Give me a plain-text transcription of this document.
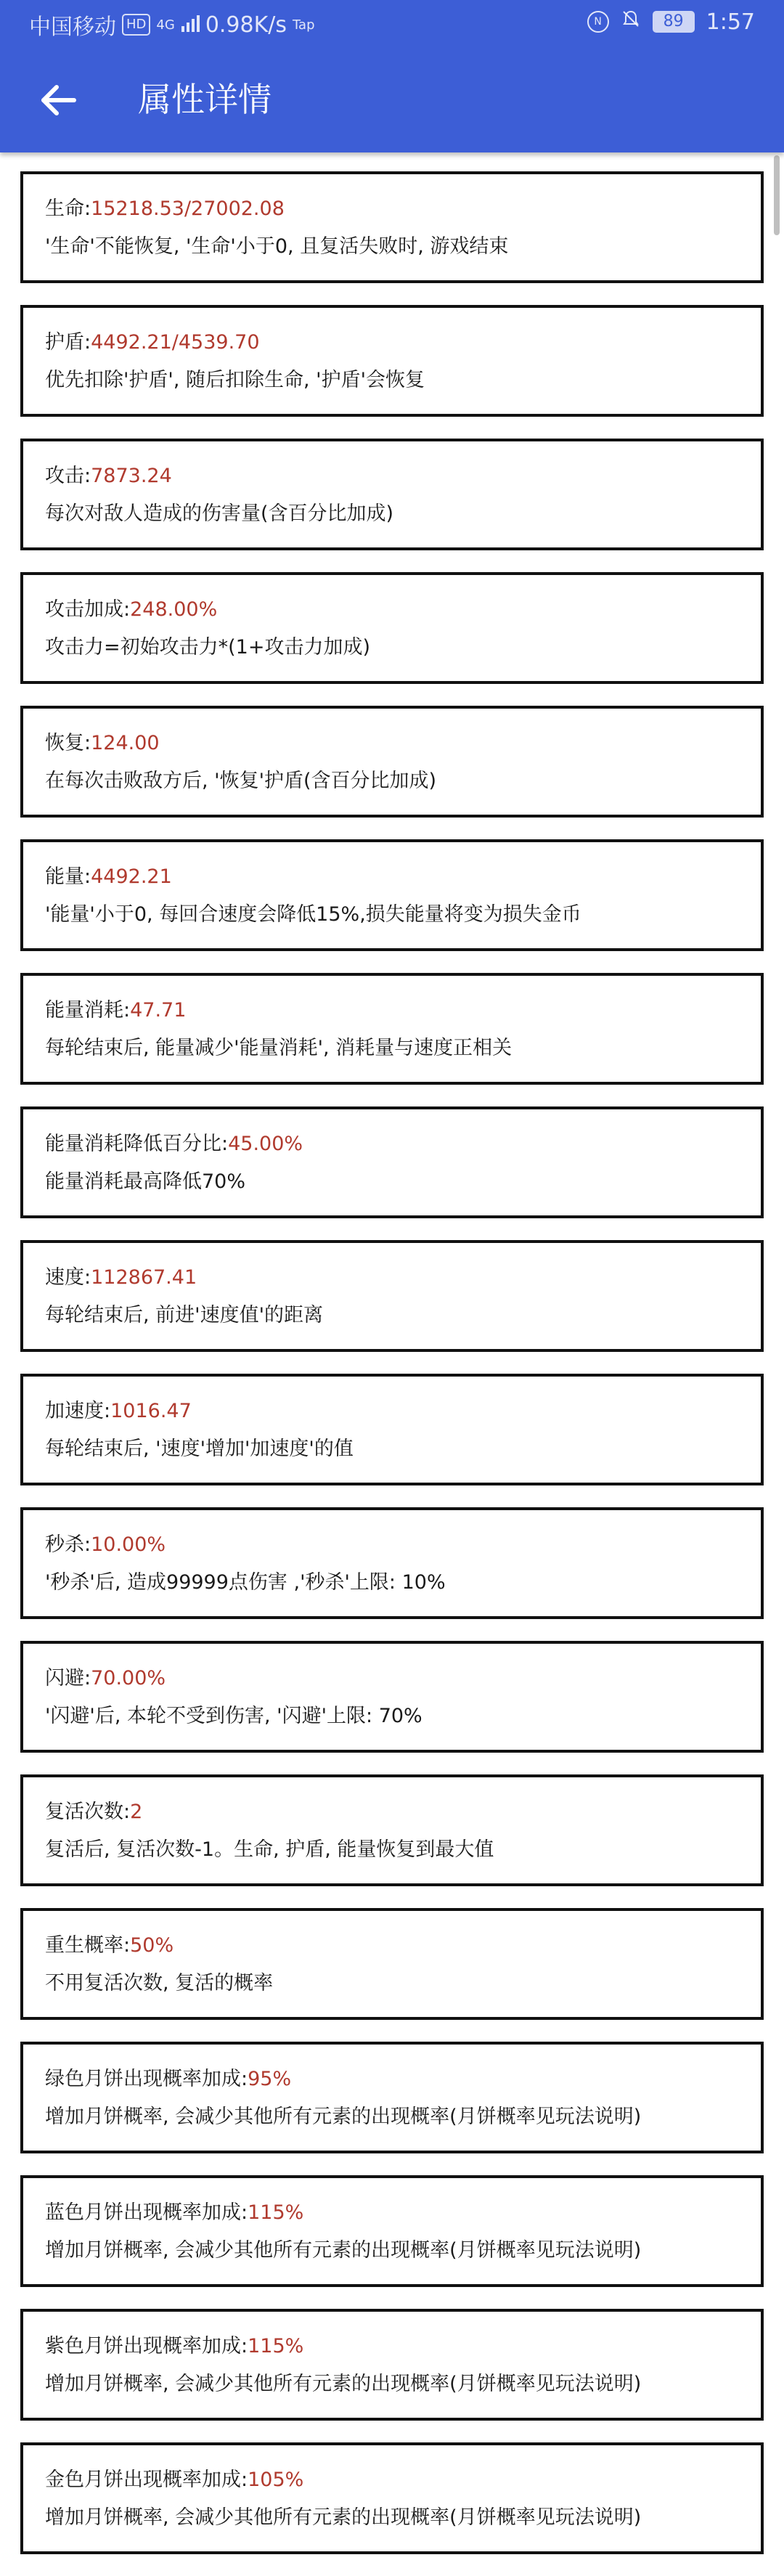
中国移动 HD 4G 0.98K/s Tap	N	89	1:57
属性详情
生命:15218.53/27002.08
'生命'不能恢复, '生命'小于0, 且复活失败时, 游戏结束
护盾:4492.21/4539.70
优先扣除'护盾', 随后扣除生命, '护盾'会恢复
攻击:7873.24
每次对敌人造成的伤害量(含百分比加成)
攻击加成:248.00%
攻击力=初始攻击力*(1+攻击力加成)
恢复:124.00
在每次击败敌方后, '恢复'护盾(含百分比加成)
能量:4492.21
'能量'小于0, 每回合速度会降低15%,损失能量将变为损失金币
能量消耗:47.71
每轮结束后, 能量减少'能量消耗', 消耗量与速度正相关
能量消耗降低百分比:45.00%
能量消耗最高降低70%
速度:112867.41
每轮结束后, 前进'速度值'的距离
加速度:1016.47
每轮结束后, '速度'增加'加速度'的值
秒杀:10.00%
'秒杀'后, 造成99999点伤害 ,'秒杀'上限: 10%
闪避:70.00%
'闪避'后, 本轮不受到伤害, '闪避'上限: 70%
复活次数:2
复活后, 复活次数-1。生命, 护盾, 能量恢复到最大值
重生概率:50%
不用复活次数, 复活的概率
绿色月饼出现概率加成:95%
增加月饼概率, 会减少其他所有元素的出现概率(月饼概率见玩法说明)
蓝色月饼出现概率加成:115%
增加月饼概率, 会减少其他所有元素的出现概率(月饼概率见玩法说明)
紫色月饼出现概率加成:115%
增加月饼概率, 会减少其他所有元素的出现概率(月饼概率见玩法说明)
金色月饼出现概率加成:105%
增加月饼概率, 会减少其他所有元素的出现概率(月饼概率见玩法说明)
